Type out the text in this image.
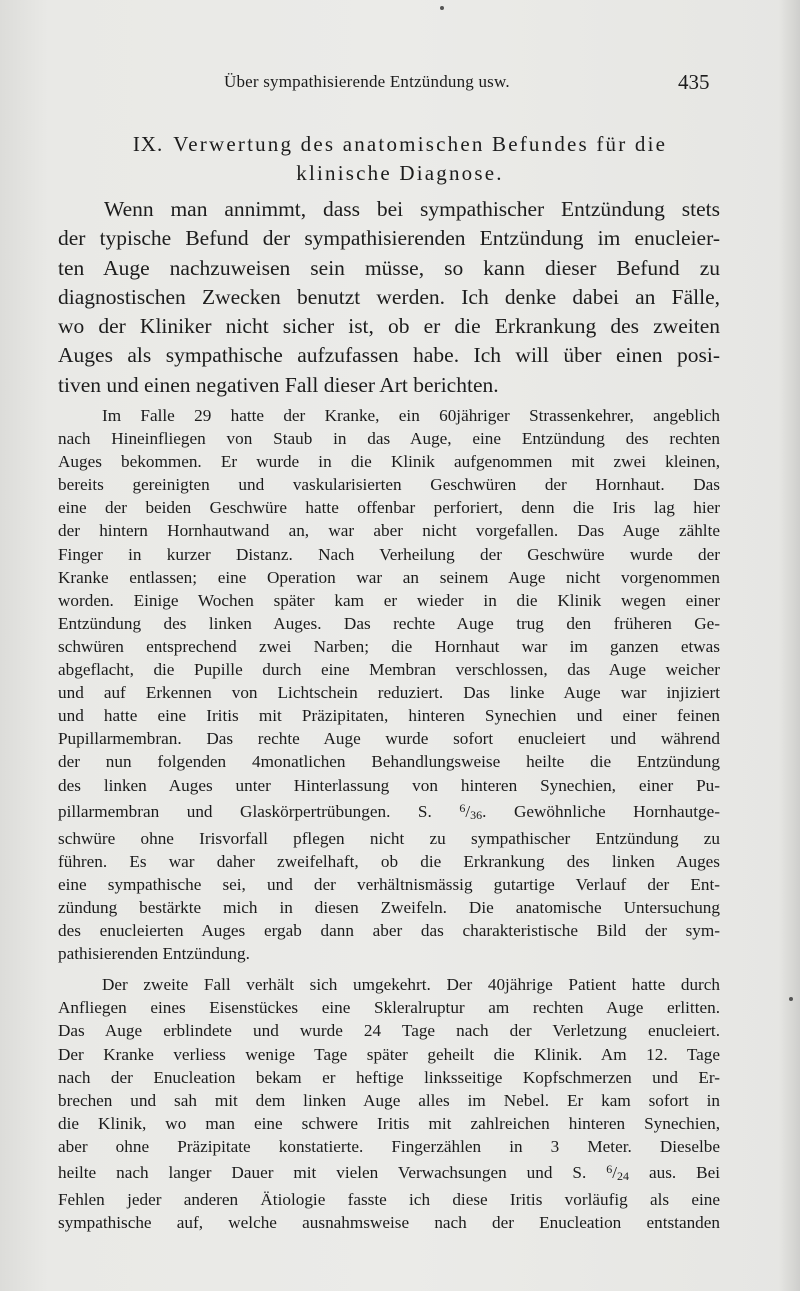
Über sympathisierende Entzündung usw.	435
IX. Verwertung des anatomischen Befundes für die
klinische Diagnose.
Wenn man annimmt, dass bei sympathischer Entzündung stets
der typische Befund der sympathisierenden Entzündung im enucleier-
ten Auge nachzuweisen sein müsse, so kann dieser Befund zu
diagnostischen Zwecken benutzt werden. Ich denke dabei an Fälle,
wo der Kliniker nicht sicher ist, ob er die Erkrankung des zweiten
Auges als sympathische aufzufassen habe. Ich will über einen posi-
tiven und einen negativen Fall dieser Art berichten.
Im Falle 29 hatte der Kranke, ein 60jähriger Strassenkehrer, angeblich
nach Hineinfliegen von Staub in das Auge, eine Entzündung des rechten
Auges bekommen. Er wurde in die Klinik aufgenommen mit zwei kleinen,
bereits gereinigten und vaskularisierten Geschwüren der Hornhaut. Das
eine der beiden Geschwüre hatte offenbar perforiert, denn die Iris lag hier
der hintern Hornhautwand an, war aber nicht vorgefallen. Das Auge zählte
Finger in kurzer Distanz. Nach Verheilung der Geschwüre wurde der
Kranke entlassen; eine Operation war an seinem Auge nicht vorgenommen
worden. Einige Wochen später kam er wieder in die Klinik wegen einer
Entzündung des linken Auges. Das rechte Auge trug den früheren Ge-
schwüren entsprechend zwei Narben; die Hornhaut war im ganzen etwas
abgeflacht, die Pupille durch eine Membran verschlossen, das Auge weicher
und auf Erkennen von Lichtschein reduziert. Das linke Auge war injiziert
und hatte eine Iritis mit Präzipitaten, hinteren Synechien und einer feinen
Pupillarmembran. Das rechte Auge wurde sofort enucleiert und während
der nun folgenden 4monatlichen Behandlungsweise heilte die Entzündung
des linken Auges unter Hinterlassung von hinteren Synechien, einer Pu-
pillarmembran und Glaskörpertrübungen. S. $^6$/36. Gewöhnliche Hornhautge-
schwüre ohne Irisvorfall pflegen nicht zu sympathischer Entzündung zu
führen. Es war daher zweifelhaft, ob die Erkrankung des linken Auges
eine sympathische sei, und der verhältnismässig gutartige Verlauf der Ent-
zündung bestärkte mich in diesen Zweifeln. Die anatomische Untersuchung
des enucleierten Auges ergab dann aber das charakteristische Bild der sym-
pathisierenden Entzündung.
Der zweite Fall verhält sich umgekehrt. Der 40jährige Patient hatte durch
Anfliegen eines Eisenstückes eine Skleralruptur am rechten Auge erlitten.
Das Auge erblindete und wurde 24 Tage nach der Verletzung enucleiert.
Der Kranke verliess wenige Tage später geheilt die Klinik. Am 12. Tage
nach der Enucleation bekam er heftige linksseitige Kopfschmerzen und Er-
brechen und sah mit dem linken Auge alles im Nebel. Er kam sofort in
die Klinik, wo man eine schwere Iritis mit zahlreichen hinteren Synechien,
aber ohne Präzipitate konstatierte. Fingerzählen in 3 Meter. Dieselbe
heilte nach langer Dauer mit vielen Verwachsungen und S. $^6$/24 aus. Bei
Fehlen jeder anderen Ätiologie fasste ich diese Iritis vorläufig als eine
sympathische auf, welche ausnahmsweise nach der Enucleation entstanden
